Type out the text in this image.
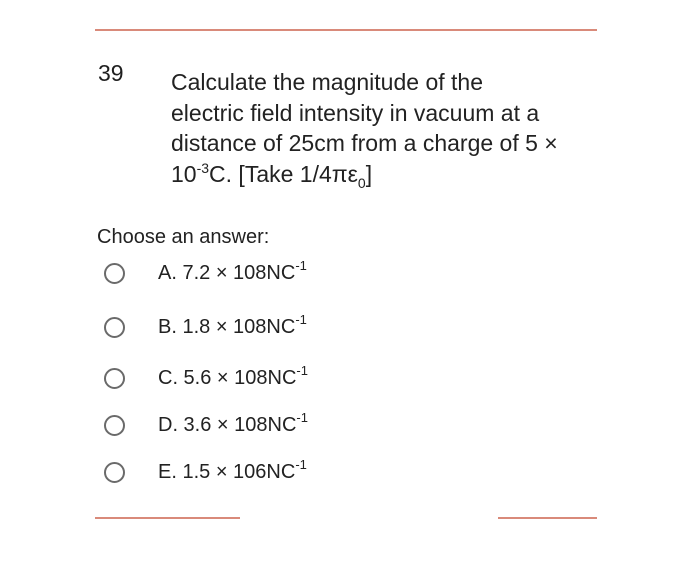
39 Calculate the magnitude of the
electric field intensity in vacuum at a
distance of 25cm from a charge of 5 ×
$10^{-3}C$. [Take $1/4\pi\varepsilon_0$]
Choose an answer:
A. $7.2 \times 108NC^{-1}$
B. $1.8 \times 108NC^{-1}$
C. $5.6 \times 108NC^{-1}$
D. $3.6 \times 108NC^{-1}$
E. $1.5 \times 106NC^{-1}$
